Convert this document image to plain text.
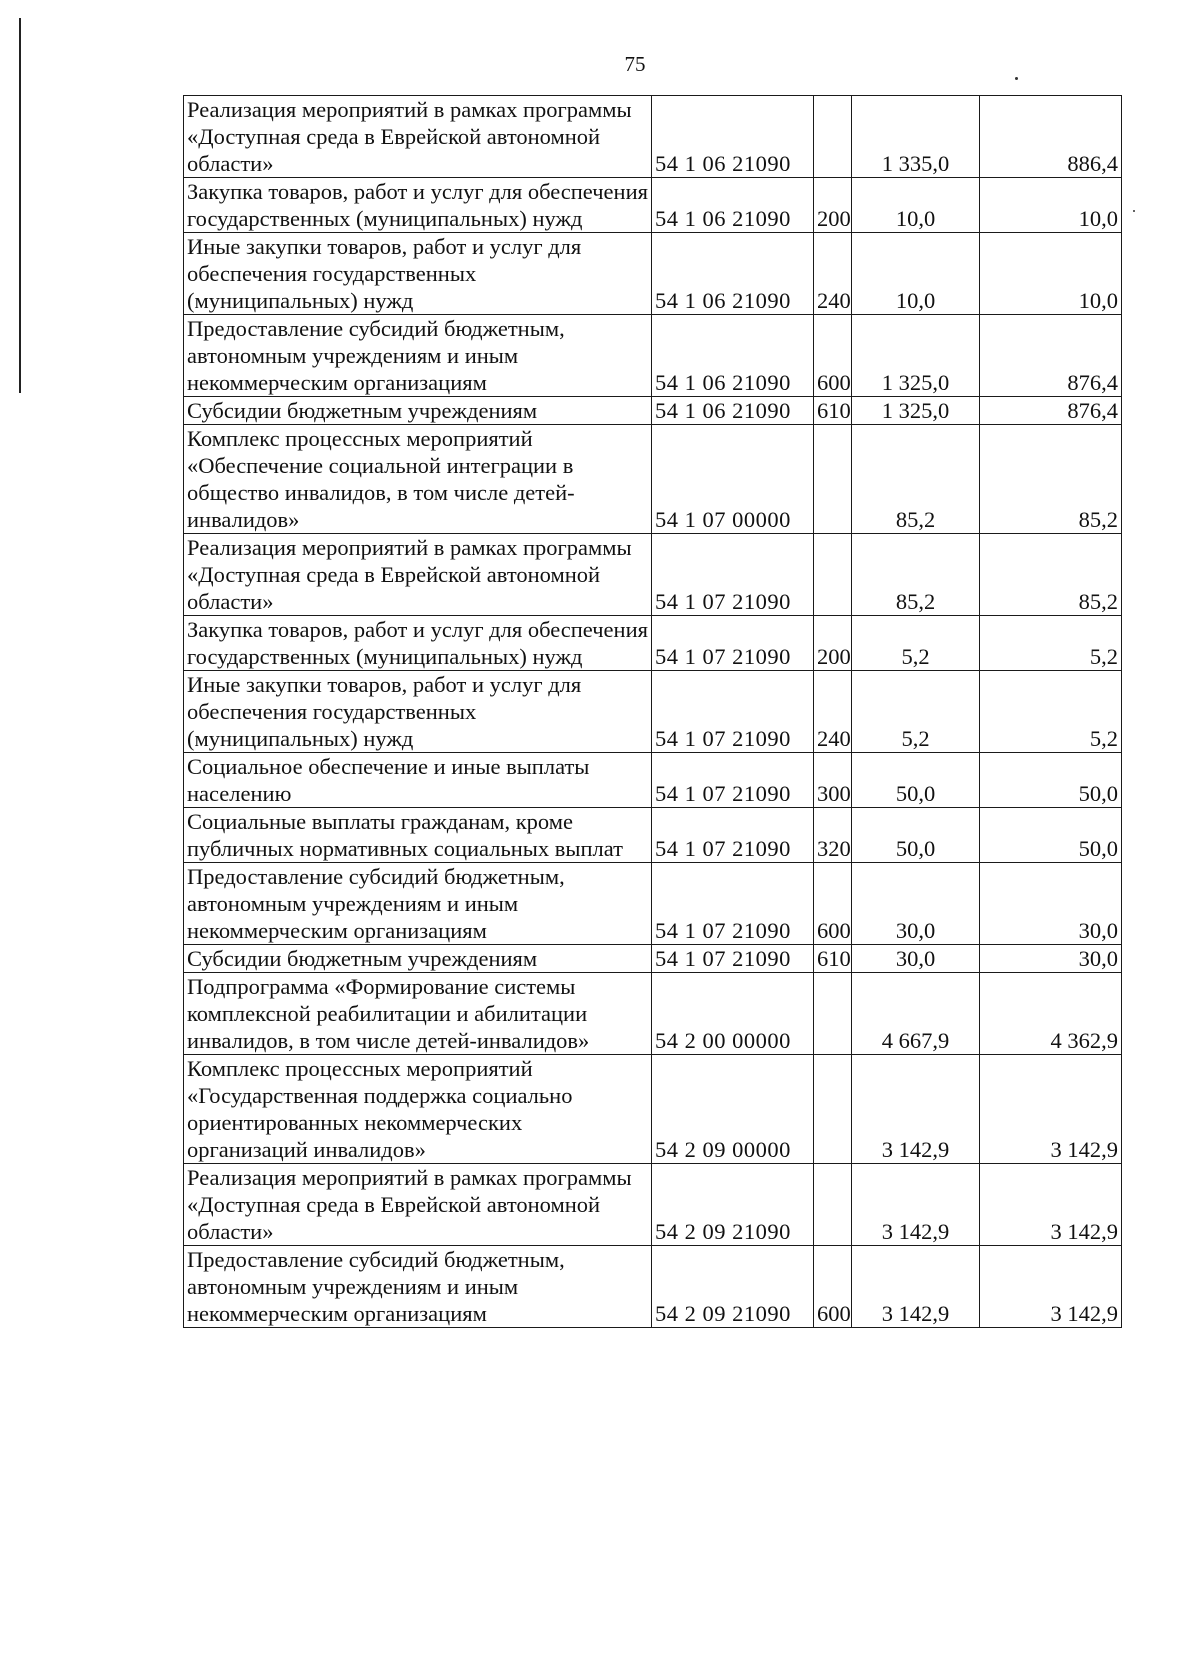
75
Реализация мероприятий в рамках программы «Доступная среда в Еврейской автономной области»	54 1 06 21090		1 335,0	886,4
Закупка товаров, работ и услуг для обеспечения государственных (муниципальных) нужд	54 1 06 21090	200	10,0	10,0
Иные закупки товаров, работ и услуг для обеспечения государственных (муниципальных) нужд	54 1 06 21090	240	10,0	10,0
Предоставление субсидий бюджетным, автономным учреждениям и иным некоммерческим организациям	54 1 06 21090	600	1 325,0	876,4
Субсидии бюджетным учреждениям	54 1 06 21090	610	1 325,0	876,4
Комплекс процессных мероприятий «Обеспечение социальной интеграции в общество инвалидов, в том числе детей-инвалидов»	54 1 07 00000		85,2	85,2
Реализация мероприятий в рамках программы «Доступная среда в Еврейской автономной области»	54 1 07 21090		85,2	85,2
Закупка товаров, работ и услуг для обеспечения государственных (муниципальных) нужд	54 1 07 21090	200	5,2	5,2
Иные закупки товаров, работ и услуг для обеспечения государственных (муниципальных) нужд	54 1 07 21090	240	5,2	5,2
Социальное обеспечение и иные выплаты населению	54 1 07 21090	300	50,0	50,0
Социальные выплаты гражданам, кроме публичных нормативных социальных выплат	54 1 07 21090	320	50,0	50,0
Предоставление субсидий бюджетным, автономным учреждениям и иным некоммерческим организациям	54 1 07 21090	600	30,0	30,0
Субсидии бюджетным учреждениям	54 1 07 21090	610	30,0	30,0
Подпрограмма «Формирование системы комплексной реабилитации и абилитации инвалидов, в том числе детей-инвалидов»	54 2 00 00000		4 667,9	4 362,9
Комплекс процессных мероприятий «Государственная поддержка социально ориентированных некоммерческих организаций инвалидов»	54 2 09 00000		3 142,9	3 142,9
Реализация мероприятий в рамках программы «Доступная среда в Еврейской автономной области»	54 2 09 21090		3 142,9	3 142,9
Предоставление субсидий бюджетным, автономным учреждениям и иным некоммерческим организациям	54 2 09 21090	600	3 142,9	3 142,9
